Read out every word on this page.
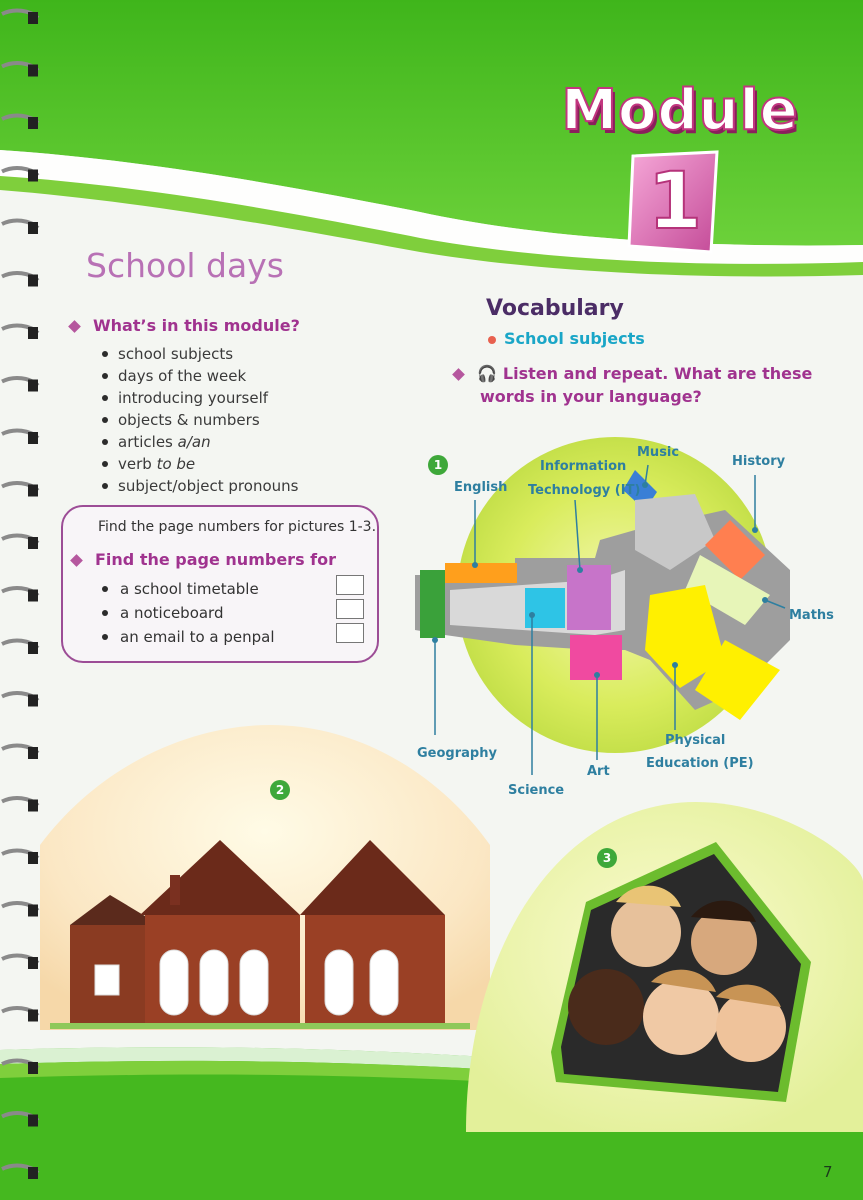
Module
1
School days
What’s in this module?
school subjects
days of the week
introducing yourself
objects & numbers
articles a/an
verb to be
subject/object pronouns
Find the page numbers for pictures 1-3.
Find the page numbers for
a school timetable
a noticeboard
an email to a penpal
Vocabulary
School subjects
🎧 Listen and repeat. What are these
words in your language?
1
Music
History
Information
Technology (IT)
English
Maths
Geography
Science
Art
Physical
Education (PE)
2
3
7
